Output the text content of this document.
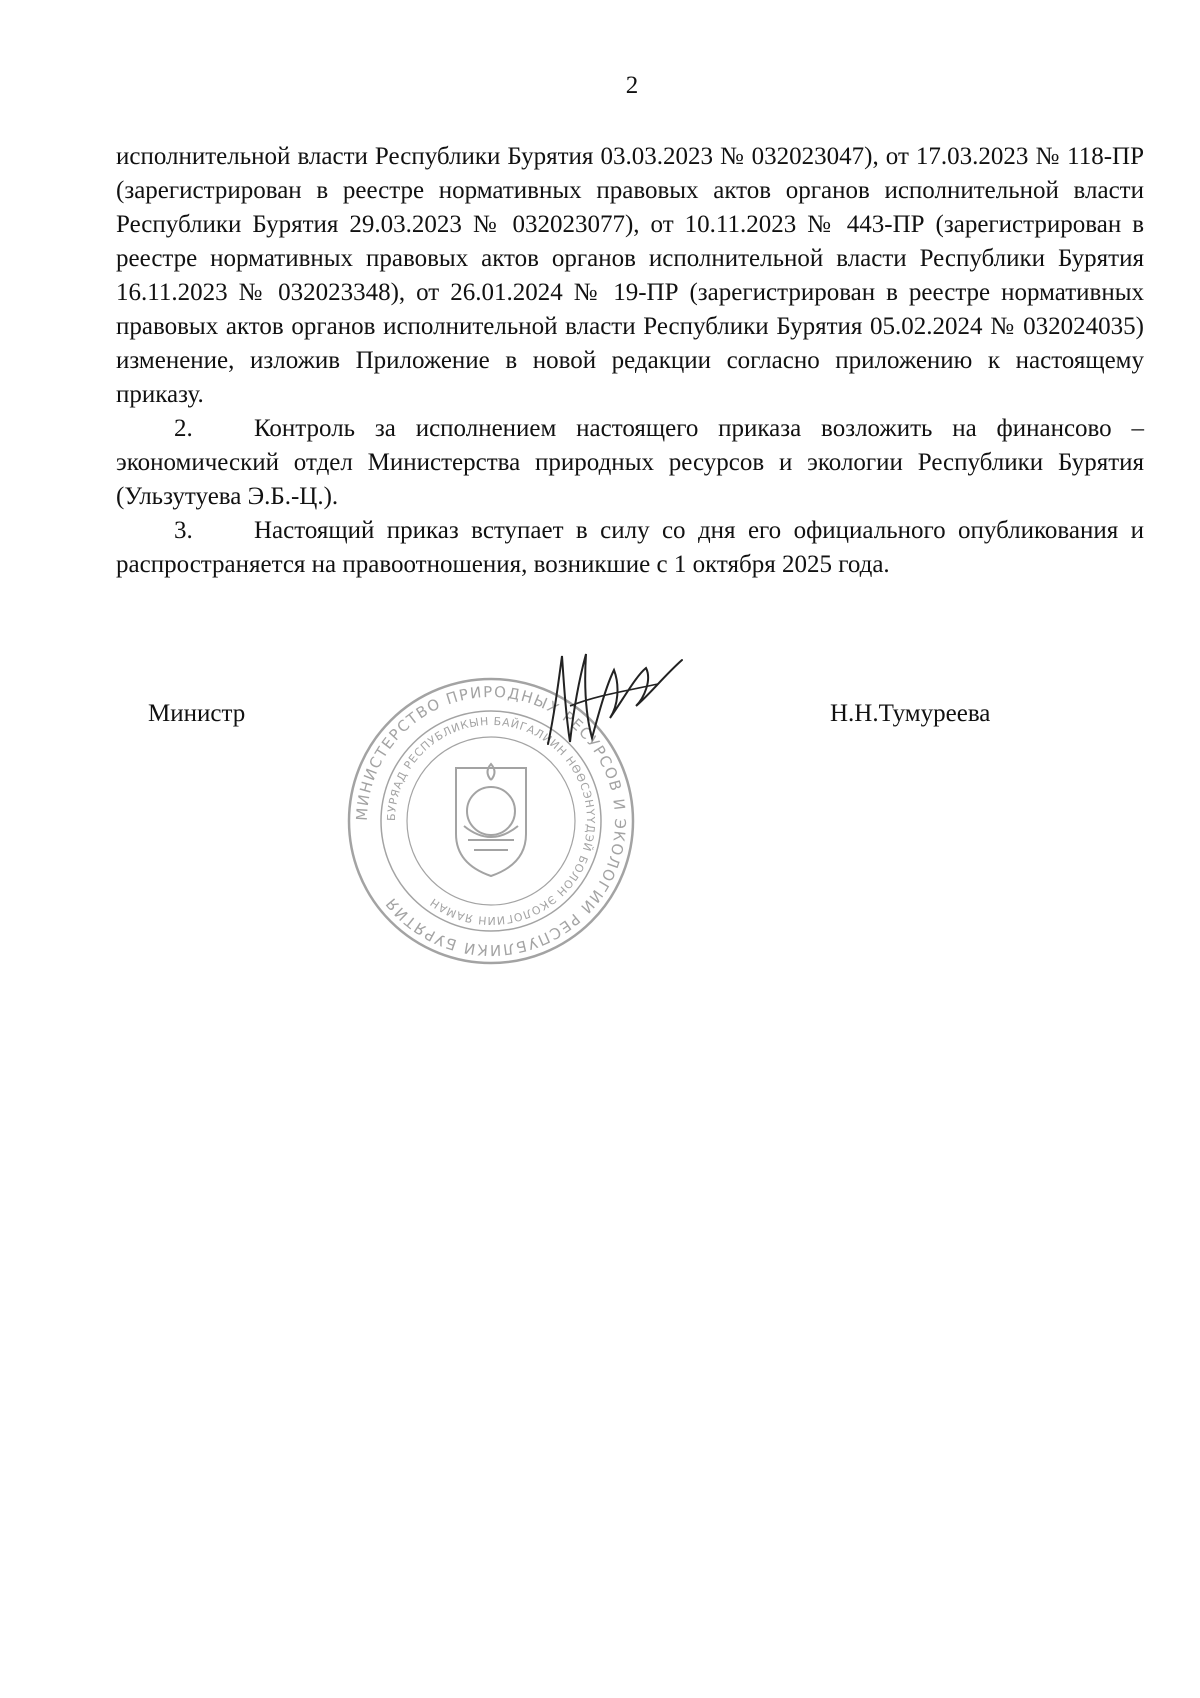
2

исполнительной власти Республики Бурятия 03.03.2023 № 032023047), от 17.03.2023 № 118-ПР (зарегистрирован в реестре нормативных правовых актов органов исполнительной власти Республики Бурятия 29.03.2023 № 032023077), от 10.11.2023 № 443-ПР (зарегистрирован в реестре нормативных правовых актов органов исполнительной власти Республики Бурятия 16.11.2023 № 032023348), от 26.01.2024 № 19-ПР (зарегистрирован в реестре нормативных правовых актов органов исполнительной власти Республики Бурятия 05.02.2024 № 032024035) изменение, изложив Приложение в новой редакции согласно приложению к настоящему приказу.

2. Контроль за исполнением настоящего приказа возложить на финансово – экономический отдел Министерства природных ресурсов и экологии Республики Бурятия (Ульзутуева Э.Б.-Ц.).

3. Настоящий приказ вступает в силу со дня его официального опубликования и распространяется на правоотношения, возникшие с 1 октября 2025 года.

Министр	Н.Н.Тумуреева
МИНИСТЕРСТВО ПРИРОДНЫХ РЕСУРСОВ И ЭКОЛОГИИ РЕСПУБЛИКИ БУРЯТИЯ
БУРЯАД РЕСПУБЛИКЫН БАЙГАЛИИН НӨӨСЭНҮҮДЭЙ БОЛОН ЭКОЛОГИИН ЯАМАН
